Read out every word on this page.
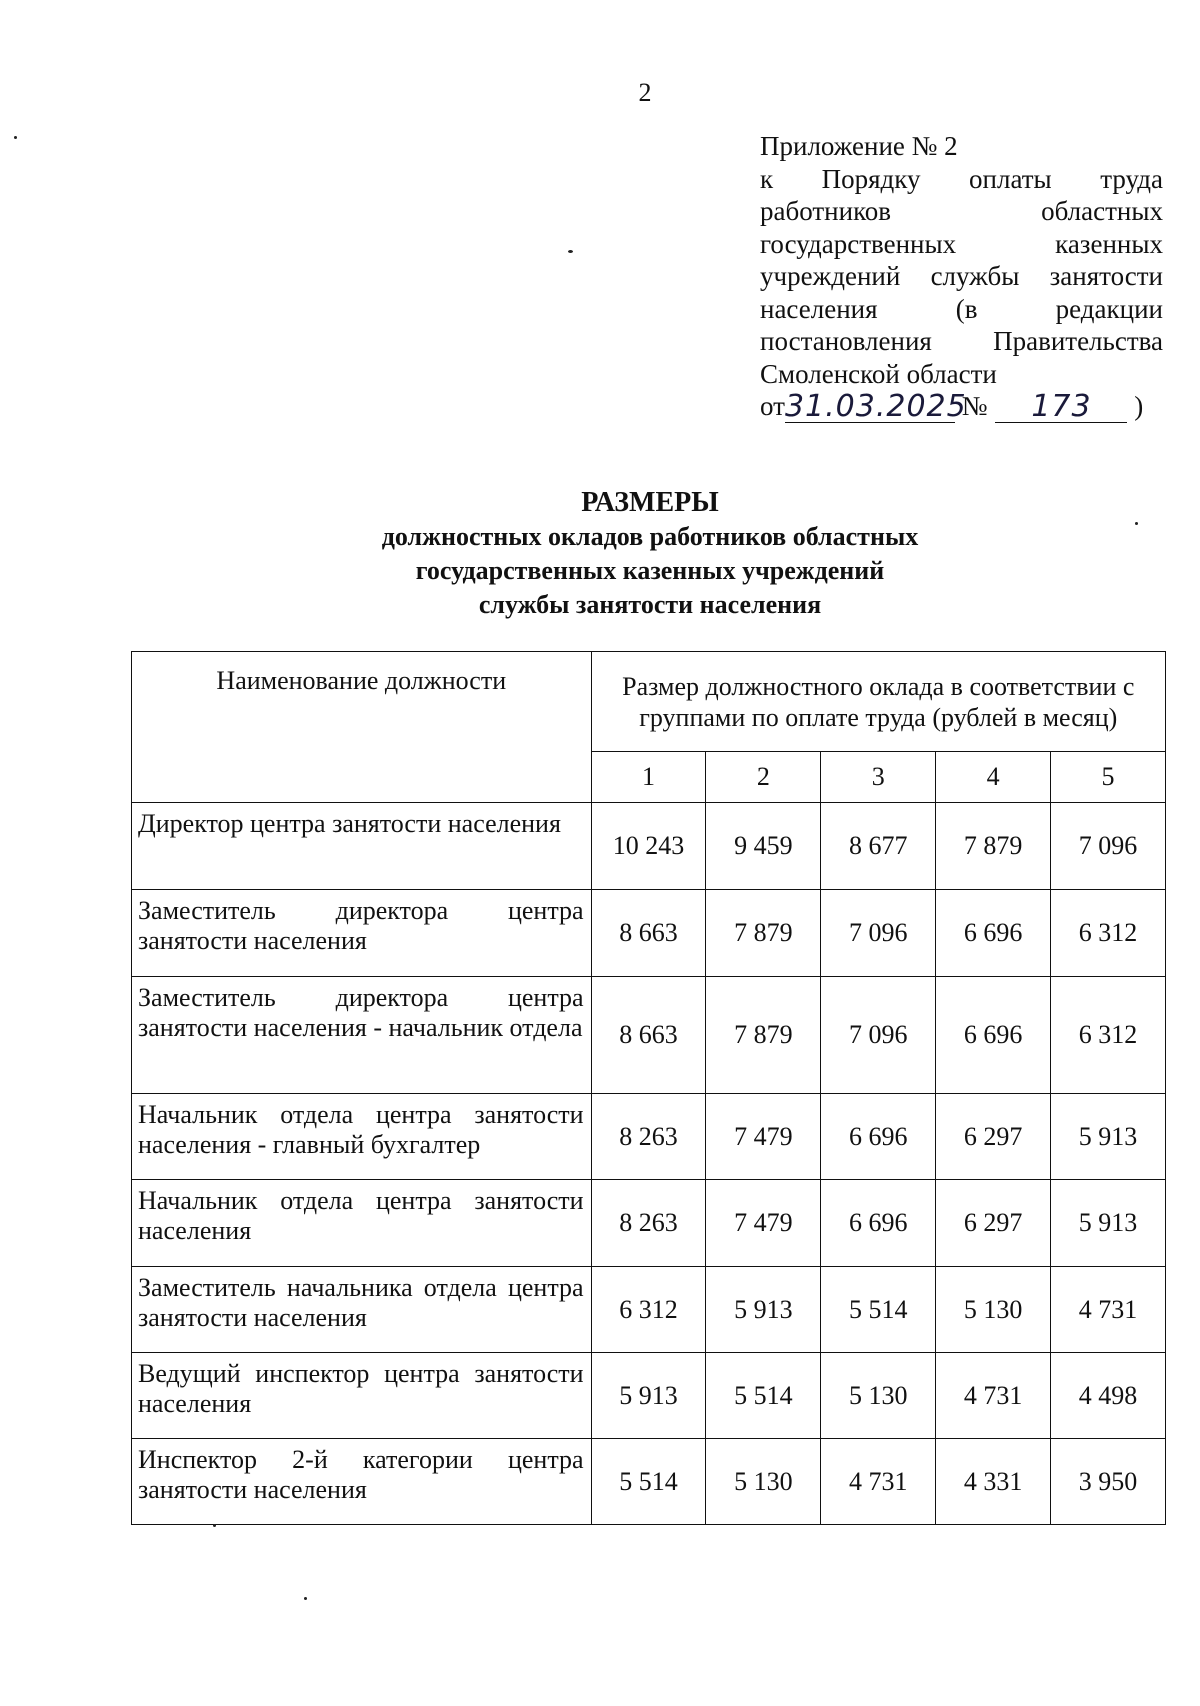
2
Приложение № 2
к Порядку оплаты труда
работников областных
государственных казенных
учреждений службы занятости
населения (в редакции
постановления Правительства
Смоленской области
от31.03.2025 № 173 )
РАЗМЕРЫ
должностных окладов работников областных
государственных казенных учреждений
службы занятости населения
Наименование должности	Размер должностного оклада в соответствии с группами по оплате труда (рублей в месяц)				
	1	2	3	4	5
Директор центра занятости населения	10 243	9 459	8 677	7 879	7 096
Заместитель директора центра занятости населения	8 663	7 879	7 096	6 696	6 312
Заместитель директора центра занятости населения - начальник отдела	8 663	7 879	7 096	6 696	6 312
Начальник отдела центра занятости населения - главный бухгалтер	8 263	7 479	6 696	6 297	5 913
Начальник отдела центра занятости населения	8 263	7 479	6 696	6 297	5 913
Заместитель начальника отдела центра занятости населения	6 312	5 913	5 514	5 130	4 731
Ведущий инспектор центра занятости населения	5 913	5 514	5 130	4 731	4 498
Инспектор 2-й категории центра занятости населения	5 514	5 130	4 731	4 331	3 950
